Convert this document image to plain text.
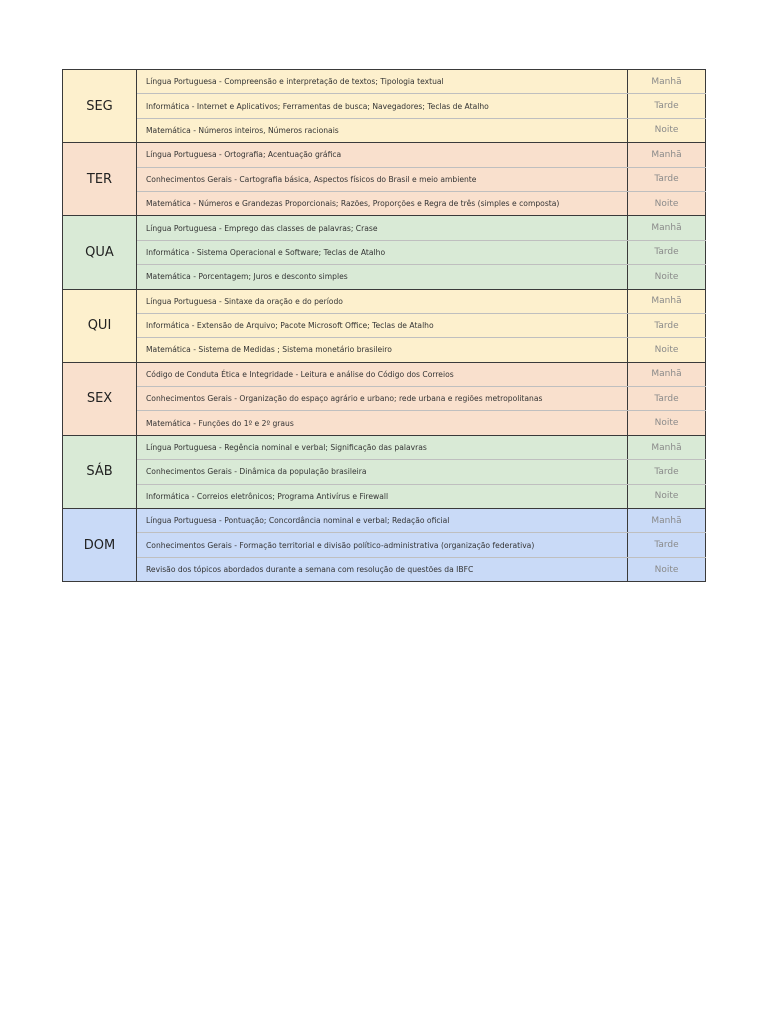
SEG	Língua Portuguesa - Compreensão e interpretação de textos; Tipologia textual	Manhã
	Informática - Internet e Aplicativos; Ferramentas de busca; Navegadores; Teclas de Atalho	Tarde
	Matemática - Números inteiros, Números racionais	Noite
TER	Língua Portuguesa - Ortografia; Acentuação gráfica	Manhã
	Conhecimentos Gerais - Cartografia básica, Aspectos físicos do Brasil e meio ambiente	Tarde
	Matemática - Números e Grandezas Proporcionais; Razões, Proporções e Regra de três (simples e composta)	Noite
QUA	Língua Portuguesa - Emprego das classes de palavras; Crase	Manhã
	Informática - Sistema Operacional e Software; Teclas de Atalho	Tarde
	Matemática - Porcentagem; Juros e desconto simples	Noite
QUI	Língua Portuguesa - Sintaxe da oração e do período	Manhã
	Informática - Extensão de Arquivo; Pacote Microsoft Office; Teclas de Atalho	Tarde
	Matemática - Sistema de Medidas ; Sistema monetário brasileiro	Noite
SEX	Código de Conduta Ética e Integridade - Leitura e análise do Código dos Correios	Manhã
	Conhecimentos Gerais - Organização do espaço agrário e urbano; rede urbana e regiões metropolitanas	Tarde
	Matemática - Funções do 1º e 2º graus	Noite
SÁB	Língua Portuguesa - Regência nominal e verbal; Significação das palavras	Manhã
	Conhecimentos Gerais - Dinâmica da população brasileira	Tarde
	Informática - Correios eletrônicos; Programa Antivírus e Firewall	Noite
DOM	Língua Portuguesa - Pontuação; Concordância nominal e verbal; Redação oficial	Manhã
	Conhecimentos Gerais - Formação territorial e divisão político-administrativa (organização federativa)	Tarde
	Revisão dos tópicos abordados durante a semana com resolução de questões da IBFC	Noite
